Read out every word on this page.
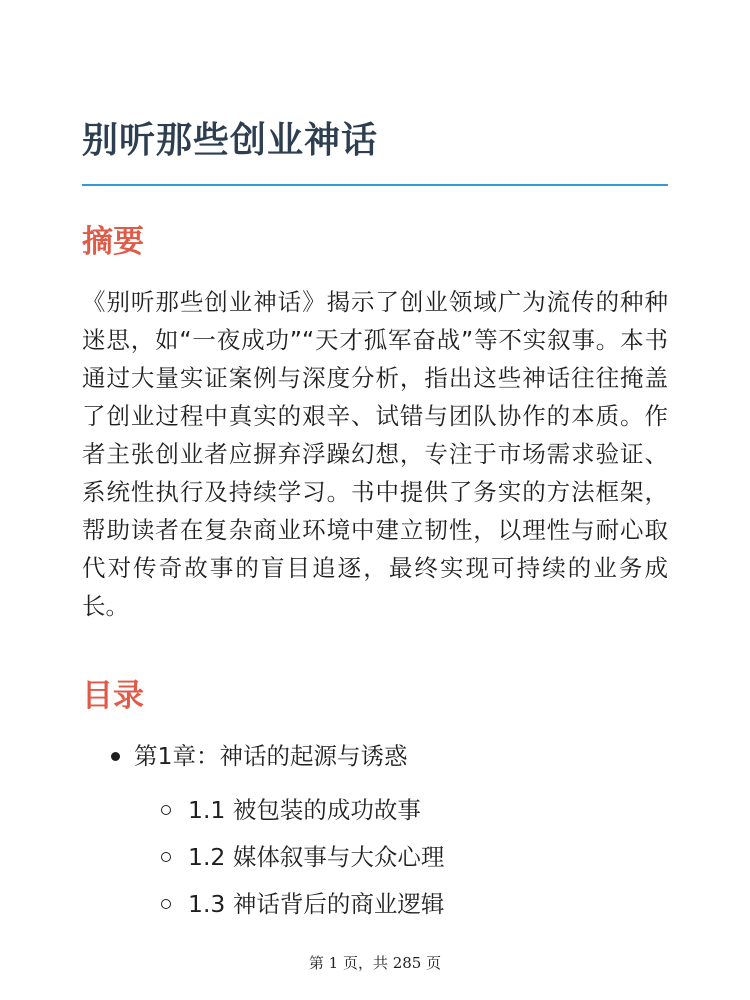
别听那些创业神话
摘要

《别听那些创业神话》揭示了创业领域广为流传的种种迷思，如“一夜成功”“天才孤军奋战”等不实叙事。本书通过大量实证案例与深度分析，指出这些神话往往掩盖了创业过程中真实的艰辛、试错与团队协作的本质。作者主张创业者应摒弃浮躁幻想，专注于市场需求验证、系统性执行及持续学习。书中提供了务实的方法框架，帮助读者在复杂商业环境中建立韧性，以理性与耐心取代对传奇故事的盲目追逐，最终实现可持续的业务成长。

目录
第1章：神话的起源与诱惑
1.1 被包装的成功故事
1.2 媒体叙事与大众心理
1.3 神话背后的商业逻辑
第 1 页，共 285 页
